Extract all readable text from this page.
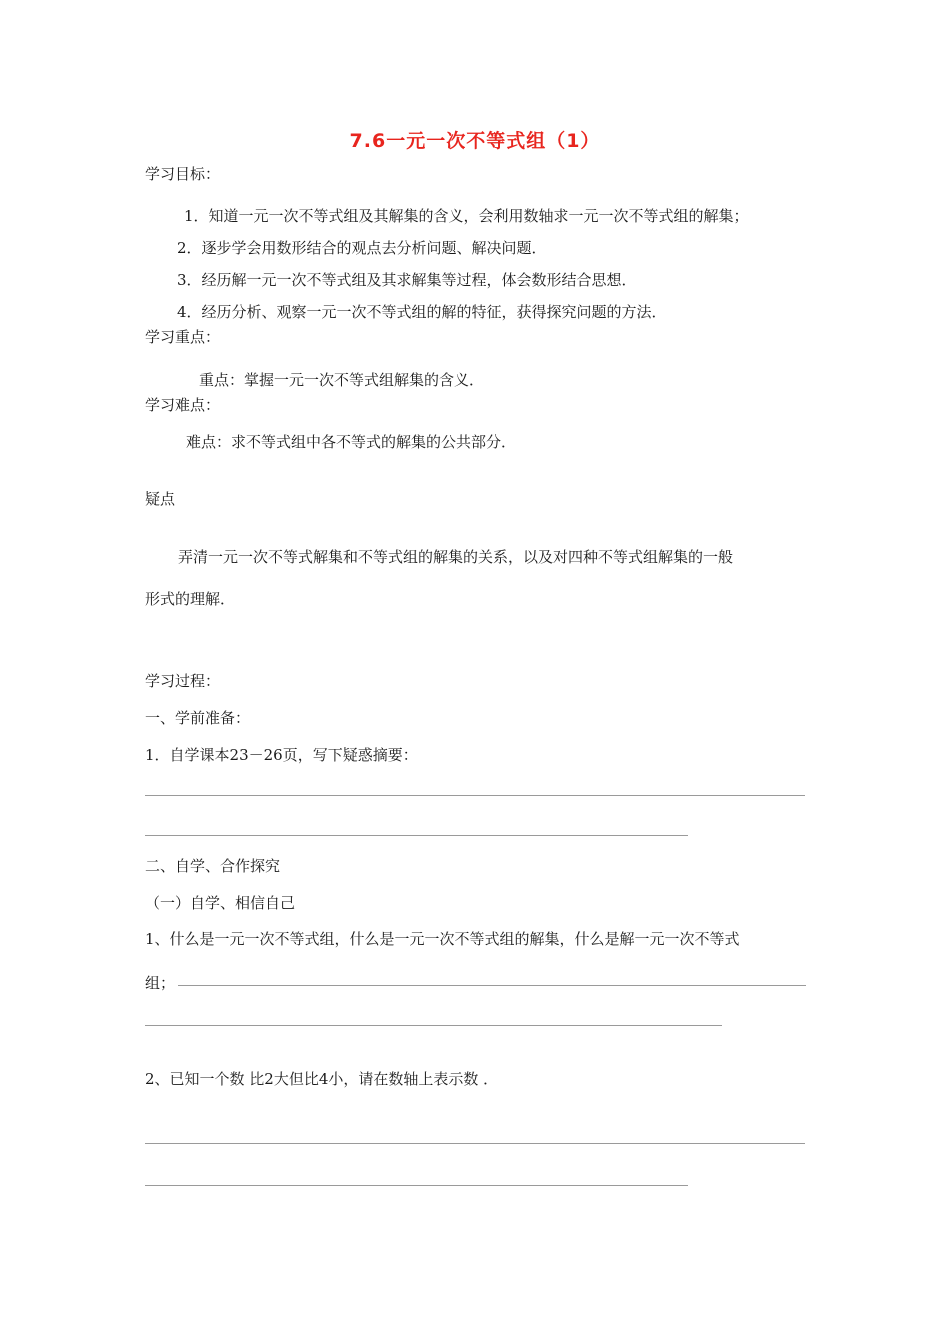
7.6一元一次不等式组（1）
学习目标：
1．知道一元一次不等式组及其解集的含义，会利用数轴求一元一次不等式组的解集；
2．逐步学会用数形结合的观点去分析问题、解决问题．
3．经历解一元一次不等式组及其求解集等过程，体会数形结合思想．
4．经历分析、观察一元一次不等式组的解的特征，获得探究问题的方法．
学习重点：
重点：掌握一元一次不等式组解集的含义．
学习难点：
难点：求不等式组中各不等式的解集的公共部分．
疑点
弄清一元一次不等式解集和不等式组的解集的关系，以及对四种不等式组解集的一般
形式的理解．
学习过程：
一、学前准备：
1．自学课本23－26页，写下疑惑摘要：
二、自学、合作探究
（一）自学、相信自己
1、什么是一元一次不等式组，什么是一元一次不等式组的解集，什么是解一元一次不等式
组；
2、已知一个数 比2大但比4小，请在数轴上表示数 ．
